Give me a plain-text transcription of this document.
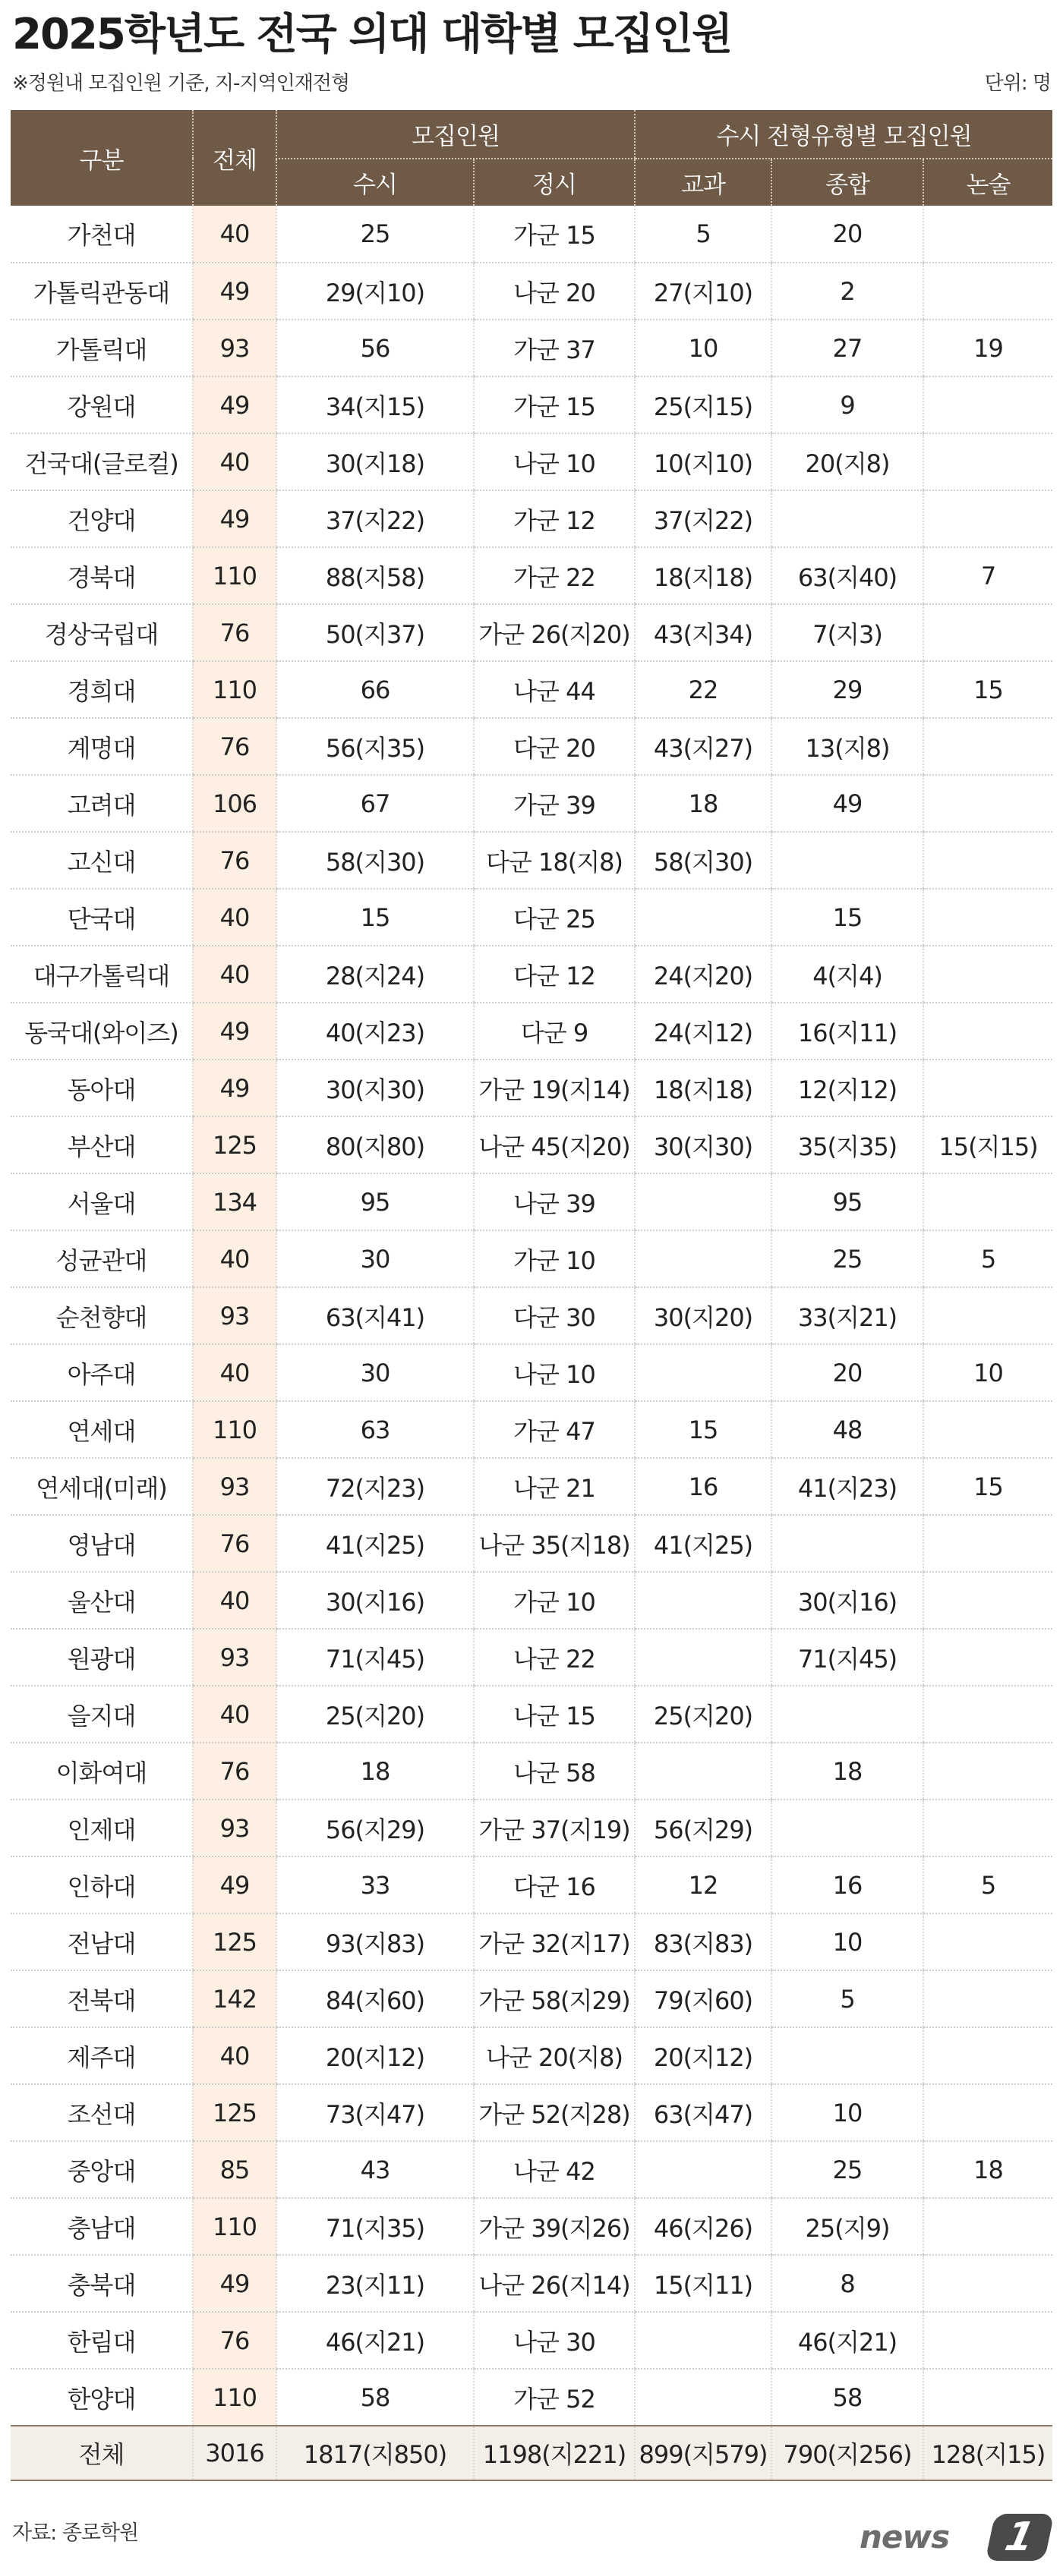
2025학년도 전국 의대 대학별 모집인원
※정원내 모집인원 기준, 지-지역인재전형	단위: 명
구분	전체	모집인원		수시 전형유형별 모집인원		
		수시	정시	교과	종합	논술
가천대	40	25	가군 15	5	20	
가톨릭관동대	49	29(지10)	나군 20	27(지10)	2	
가톨릭대	93	56	가군 37	10	27	19
강원대	49	34(지15)	가군 15	25(지15)	9	
건국대(글로컬)	40	30(지18)	나군 10	10(지10)	20(지8)	
건양대	49	37(지22)	가군 12	37(지22)		
경북대	110	88(지58)	가군 22	18(지18)	63(지40)	7
경상국립대	76	50(지37)	가군 26(지20)	43(지34)	7(지3)	
경희대	110	66	나군 44	22	29	15
계명대	76	56(지35)	다군 20	43(지27)	13(지8)	
고려대	106	67	가군 39	18	49	
고신대	76	58(지30)	다군 18(지8)	58(지30)		
단국대	40	15	다군 25		15	
대구가톨릭대	40	28(지24)	다군 12	24(지20)	4(지4)	
동국대(와이즈)	49	40(지23)	다군 9	24(지12)	16(지11)	
동아대	49	30(지30)	가군 19(지14)	18(지18)	12(지12)	
부산대	125	80(지80)	나군 45(지20)	30(지30)	35(지35)	15(지15)
서울대	134	95	나군 39		95	
성균관대	40	30	가군 10		25	5
순천향대	93	63(지41)	다군 30	30(지20)	33(지21)	
아주대	40	30	나군 10		20	10
연세대	110	63	가군 47	15	48	
연세대(미래)	93	72(지23)	나군 21	16	41(지23)	15
영남대	76	41(지25)	나군 35(지18)	41(지25)		
울산대	40	30(지16)	가군 10		30(지16)	
원광대	93	71(지45)	나군 22		71(지45)	
을지대	40	25(지20)	나군 15	25(지20)		
이화여대	76	18	나군 58		18	
인제대	93	56(지29)	가군 37(지19)	56(지29)		
인하대	49	33	다군 16	12	16	5
전남대	125	93(지83)	가군 32(지17)	83(지83)	10	
전북대	142	84(지60)	가군 58(지29)	79(지60)	5	
제주대	40	20(지12)	나군 20(지8)	20(지12)		
조선대	125	73(지47)	가군 52(지28)	63(지47)	10	
중앙대	85	43	나군 42		25	18
충남대	110	71(지35)	가군 39(지26)	46(지26)	25(지9)	
충북대	49	23(지11)	나군 26(지14)	15(지11)	8	
한림대	76	46(지21)	나군 30		46(지21)	
한양대	110	58	가군 52		58	
전체	3016	1817(지850)	1198(지221)	899(지579)	790(지256)	128(지15)
자료: 종로학원	news	1
